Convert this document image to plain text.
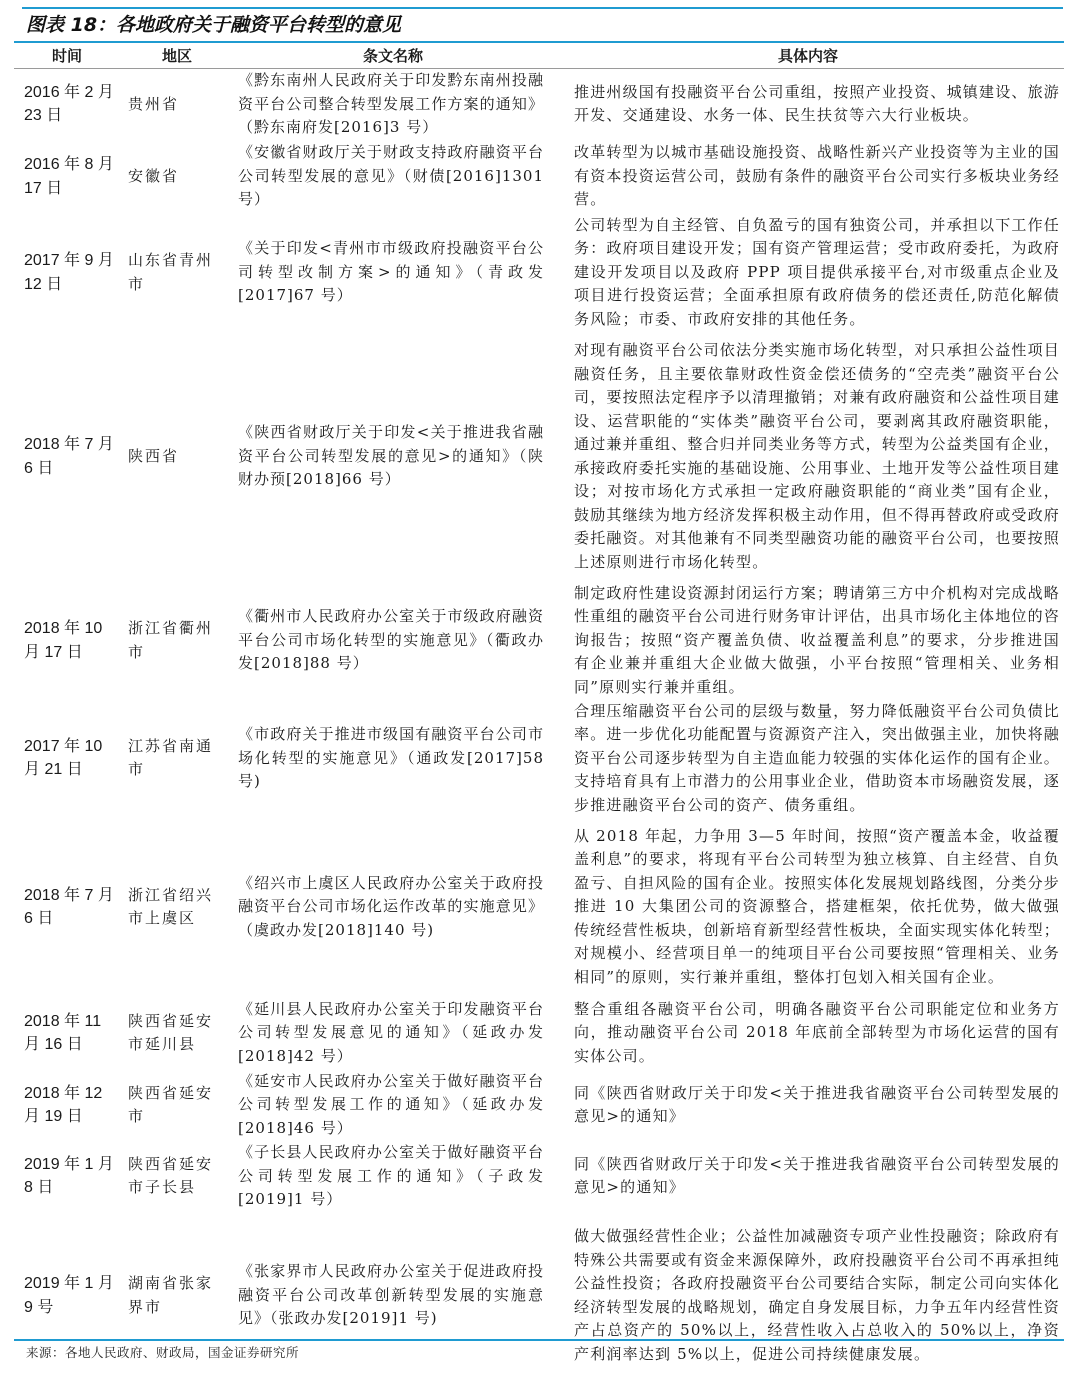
图表 18：各地政府关于融资平台转型的意见
时间	地区	条文名称	具体内容
2016 年 2 月 23 日	贵州省	《黔东南州人民政府关于印发黔东南州投融资平台公司整合转型发展工作方案的通知》（黔东南府发[2016]3 号）	推进州级国有投融资平台公司重组，按照产业投资、城镇建设、旅游开发、交通建设、水务一体、民生扶贫等六大行业板块。
2016 年 8 月 17 日	安徽省	《安徽省财政厅关于财政支持政府融资平台公司转型发展的意见》（财债[2016]1301 号）	改革转型为以城市基础设施投资、战略性新兴产业投资等为主业的国有资本投资运营公司，鼓励有条件的融资平台公司实行多板块业务经营。
2017 年 9 月 12 日	山东省青州市	《关于印发<青州市市级政府投融资平台公司转型改制方案>的通知》（青政发[2017]67 号）	公司转型为自主经管、自负盈亏的国有独资公司，并承担以下工作任务：政府项目建设开发；国有资产管理运营；受市政府委托，为政府建设开发项目以及政府 PPP 项目提供承接平台,对市级重点企业及项目进行投资运营；全面承担原有政府债务的偿还责任,防范化解债务风险；市委、市政府安排的其他任务。
2018 年 7 月 6 日	陕西省	《陕西省财政厅关于印发<关于推进我省融资平台公司转型发展的意见>的通知》（陕财办预[2018]66 号）	对现有融资平台公司依法分类实施市场化转型，对只承担公益性项目融资任务，且主要依靠财政性资金偿还债务的“空壳类”融资平台公司，要按照法定程序予以清理撤销；对兼有政府融资和公益性项目建设、运营职能的“实体类”融资平台公司，要剥离其政府融资职能，通过兼并重组、整合归并同类业务等方式，转型为公益类国有企业，承接政府委托实施的基础设施、公用事业、土地开发等公益性项目建设；对按市场化方式承担一定政府融资职能的“商业类”国有企业，鼓励其继续为地方经济发挥积极主动作用，但不得再替政府或受政府委托融资。对其他兼有不同类型融资功能的融资平台公司，也要按照上述原则进行市场化转型。
2018 年 10 月 17 日	浙江省衢州市	《衢州市人民政府办公室关于市级政府融资平台公司市场化转型的实施意见》（衢政办发[2018]88 号）	制定政府性建设资源封闭运行方案；聘请第三方中介机构对完成战略性重组的融资平台公司进行财务审计评估，出具市场化主体地位的咨询报告；按照“资产覆盖负债、收益覆盖利息”的要求，分步推进国有企业兼并重组大企业做大做强，小平台按照“管理相关、业务相同”原则实行兼并重组。
2017 年 10 月 21 日	江苏省南通市	《市政府关于推进市级国有融资平台公司市场化转型的实施意见》（通政发[2017]58 号)	合理压缩融资平台公司的层级与数量，努力降低融资平台公司负债比率。进一步优化功能配置与资源资产注入，突出做强主业，加快将融资平台公司逐步转型为自主造血能力较强的实体化运作的国有企业。支持培育具有上市潜力的公用事业企业，借助资本市场融资发展，逐步推进融资平台公司的资产、债务重组。
2018 年 7 月 6 日	浙江省绍兴市上虞区	《绍兴市上虞区人民政府办公室关于政府投融资平台公司市场化运作改革的实施意见》（虞政办发[2018]140 号)	从 2018 年起，力争用 3—5 年时间，按照“资产覆盖本金，收益覆盖利息”的要求，将现有平台公司转型为独立核算、自主经营、自负盈亏、自担风险的国有企业。按照实体化发展规划路线图，分类分步推进 10 大集团公司的资源整合，搭建框架，依托优势，做大做强传统经营性板块，创新培育新型经营性板块，全面实现实体化转型； 对规模小、经营项目单一的纯项目平台公司要按照“管理相关、业务相同”的原则，实行兼并重组，整体打包划入相关国有企业。
2018 年 11 月 16 日	陕西省延安市延川县	《延川县人民政府办公室关于印发融资平台公司转型发展意见的通知》（延政办发[2018]42 号）	整合重组各融资平台公司，明确各融资平台公司职能定位和业务方向，推动融资平台公司 2018 年底前全部转型为市场化运营的国有实体公司。
2018 年 12 月 19 日	陕西省延安市	《延安市人民政府办公室关于做好融资平台公司转型发展工作的通知》（延政办发[2018]46 号）	同《陕西省财政厅关于印发<关于推进我省融资平台公司转型发展的意见>的通知》
2019 年 1 月 8 日	陕西省延安市子长县	《子长县人民政府办公室关于做好融资平台公司转型发展工作的通知》（子政发[2019]1 号）	同《陕西省财政厅关于印发<关于推进我省融资平台公司转型发展的意见>的通知》
2019 年 1 月 9 号	湖南省张家界市	《张家界市人民政府办公室关于促进政府投融资平台公司改革创新转型发展的实施意见》（张政办发[2019]1 号)	做大做强经营性企业；公益性加减融资专项产业性投融资；除政府有特殊公共需要或有资金来源保障外，政府投融资平台公司不再承担纯公益性投资；各政府投融资平台公司要结合实际，制定公司向实体化经济转型发展的战略规划，确定自身发展目标，力争五年内经营性资产占总资产的 50%以上，经营性收入占总收入的 50%以上，净资产利润率达到 5%以上，促进公司持续健康发展。
来源：各地人民政府、财政局，国金证券研究所
